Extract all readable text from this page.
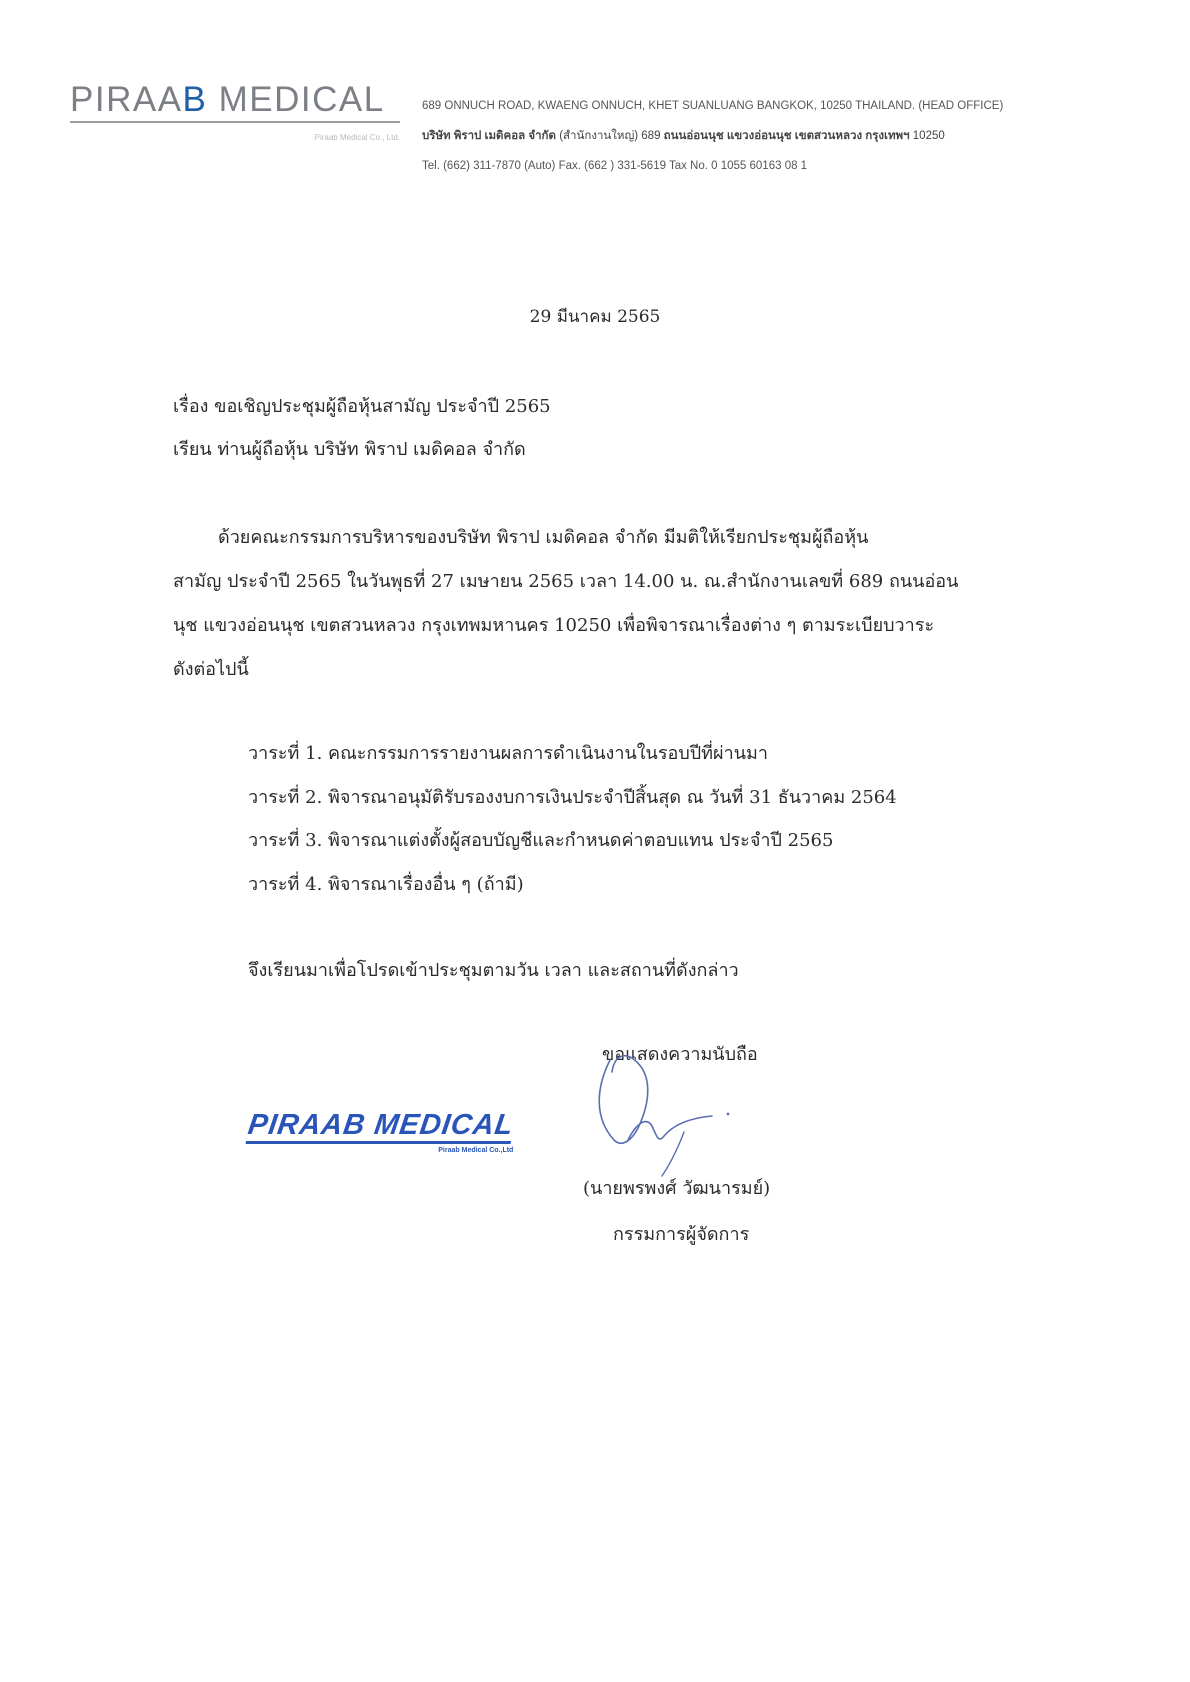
PIRAAB MEDICAL
Piraab Medical Co., Ltd.
689 ONNUCH ROAD, KWAENG ONNUCH, KHET SUANLUANG BANGKOK, 10250 THAILAND. (HEAD OFFICE)
บริษัท พิราป เมดิคอล จำกัด (สำนักงานใหญ่) 689 ถนนอ่อนนุช แขวงอ่อนนุช เขตสวนหลวง กรุงเทพฯ 10250
Tel. (662) 311-7870 (Auto) Fax. (662 ) 331-5619 Tax No. 0 1055 60163 08 1
29 มีนาคม 2565
เรื่อง ขอเชิญประชุมผู้ถือหุ้นสามัญ ประจำปี 2565
เรียน ท่านผู้ถือหุ้น บริษัท พิราป เมดิคอล จำกัด
ด้วยคณะกรรมการบริหารของบริษัท พิราป เมดิคอล จำกัด มีมติให้เรียกประชุมผู้ถือหุ้น
สามัญ ประจำปี 2565 ในวันพุธที่ 27 เมษายน 2565 เวลา 14.00 น. ณ.สำนักงานเลขที่ 689 ถนนอ่อน
นุช แขวงอ่อนนุช เขตสวนหลวง กรุงเทพมหานคร 10250 เพื่อพิจารณาเรื่องต่าง ๆ ตามระเบียบวาระ
ดังต่อไปนี้
วาระที่ 1. คณะกรรมการรายงานผลการดำเนินงานในรอบปีที่ผ่านมา
วาระที่ 2. พิจารณาอนุมัติรับรองงบการเงินประจำปีสิ้นสุด ณ วันที่ 31 ธันวาคม 2564
วาระที่ 3. พิจารณาแต่งตั้งผู้สอบบัญชีและกำหนดค่าตอบแทน ประจำปี 2565
วาระที่ 4. พิจารณาเรื่องอื่น ๆ (ถ้ามี)
จึงเรียนมาเพื่อโปรดเข้าประชุมตามวัน เวลา และสถานที่ดังกล่าว
ขอแสดงความนับถือ
(นายพรพงศ์ วัฒนารมย์)
กรรมการผู้จัดการ
PIRAAB MEDICAL
Piraab Medical Co.,Ltd
